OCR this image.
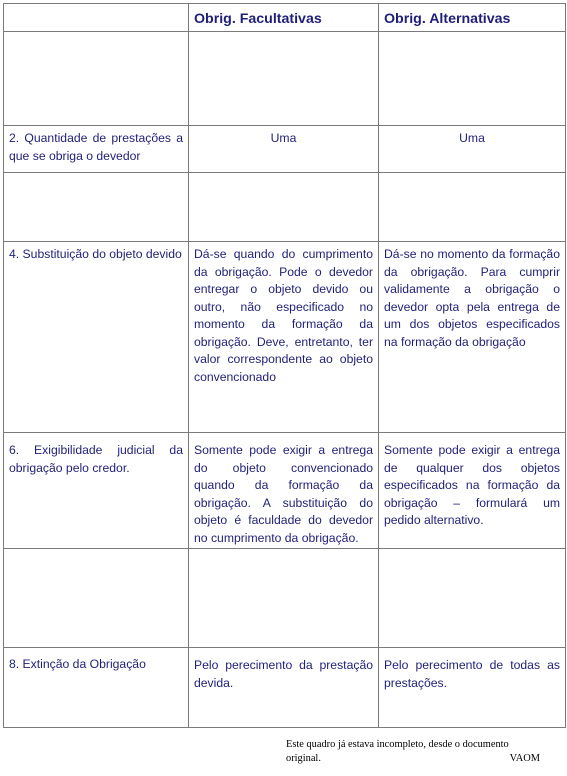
	Obrig. Facultativas	Obrig. Alternativas

2. Quantidade de prestações a que se obriga o devedor	Uma	Uma

4. Substituição do objeto devido	Dá-se quando do cumprimento da obrigação. Pode o devedor entregar o objeto devido ou outro, não especificado no momento da formação da obrigação. Deve, entretanto, ter valor correspondente ao objeto convencionado	Dá-se no momento da formação da obrigação. Para cumprir validamente a obrigação o devedor opta pela entrega de um dos objetos especificados na formação da obrigação
6. Exigibilidade judicial da obrigação pelo credor.	Somente pode exigir a entrega do objeto convencionado quando da formação da obrigação. A substituição do objeto é faculdade do devedor no cumprimento da obrigação.	Somente pode exigir a entrega de qualquer dos objetos especificados na formação da obrigação – formulará um pedido alternativo.

8. Extinção da Obrigação	Pelo perecimento da prestação devida.	Pelo perecimento de todas as prestações.
Este quadro já estava incompleto, desde o documento original.	VAOM
